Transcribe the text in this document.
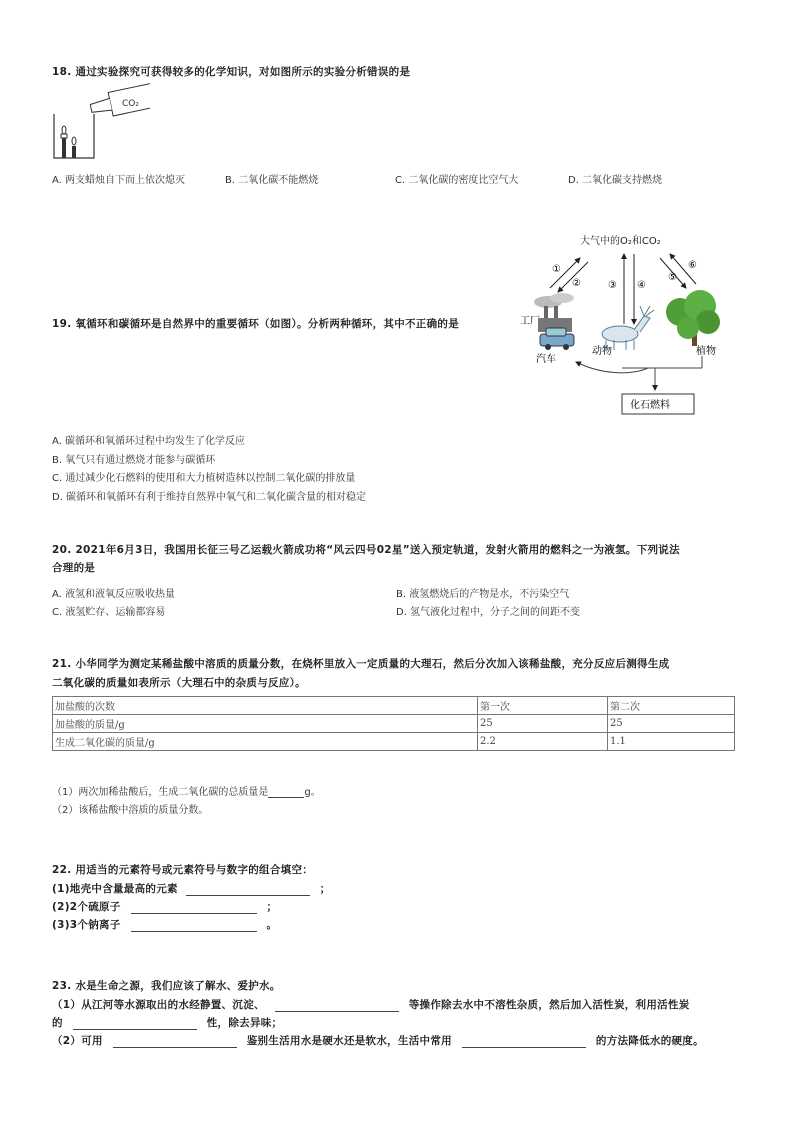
18. 通过实验探究可获得较多的化学知识，对如图所示的实验分析错误的是
CO₂
A. 两支蜡烛自下而上依次熄灭	B. 二氧化碳不能燃烧	C. 二氧化碳的密度比空气大	D. 二氧化碳支持燃烧
大气中的O₂和CO₂
①
②	③ ④
⑤
⑥
工厂
汽车
动物	植物
化石燃料
19. 氧循环和碳循环是自然界中的重要循环（如图）。分析两种循环，其中不正确的是
A. 碳循环和氧循环过程中均发生了化学反应
B. 氧气只有通过燃烧才能参与碳循环
C. 通过减少化石燃料的使用和大力植树造林以控制二氧化碳的排放量
D. 碳循环和氧循环有利于维持自然界中氧气和二氧化碳含量的相对稳定
20. 2021年6月3日，我国用长征三号乙运载火箭成功将“风云四号02星”送入预定轨道，发射火箭用的燃料之一为液氢。下列说法
合理的是
A. 液氢和液氧反应吸收热量	B. 液氢燃烧后的产物是水，不污染空气
C. 液氢贮存、运输都容易	D. 氢气液化过程中，分子之间的间距不变
21. 小华同学为测定某稀盐酸中溶质的质量分数，在烧杯里放入一定质量的大理石，然后分次加入该稀盐酸，充分反应后测得生成
二氧化碳的质量如表所示（大理石中的杂质与反应）。
加盐酸的次数	第一次	第二次
加盐酸的质量/g	25	25
生成二氧化碳的质量/g	2.2	1.1
（1）两次加稀盐酸后，生成二氧化碳的总质量是	g。
（2）该稀盐酸中溶质的质量分数。
22. 用适当的元素符号或元素符号与数字的组合填空：
(1)地壳中含量最高的元素	；
(2)2个硫原子	；
(3)3个钠离子	。
23. 水是生命之源，我们应该了解水、爱护水。
（1）从江河等水源取出的水经静置、沉淀、	等操作除去水中不溶性杂质，然后加入活性炭，利用活性炭
的	性，除去异味；
（2）可用	鉴别生活用水是硬水还是软水，生活中常用	的方法降低水的硬度。
